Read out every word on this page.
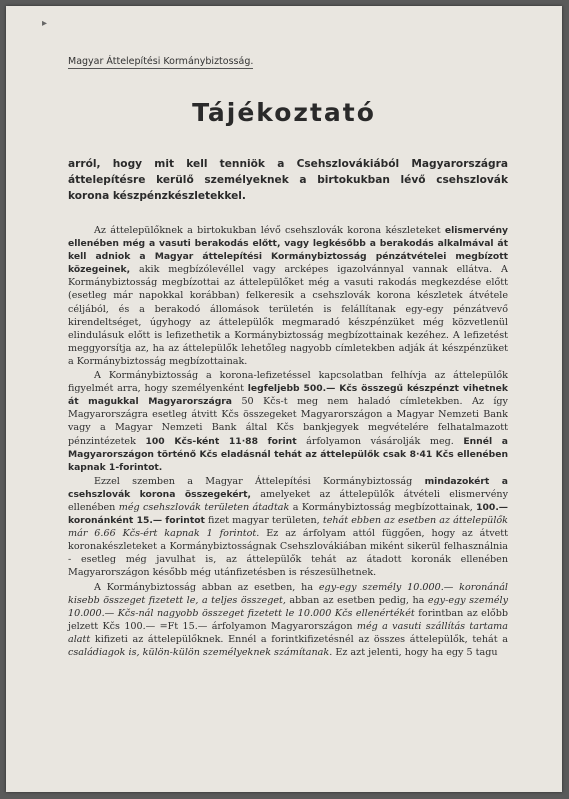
▸
Magyar Áttelepítési Kormánybiztosság.
Tájékoztató
arról, hogy mit kell tenniök a Csehszlovákiából Magyarországra áttelepítésre kerülő személyeknek a birtokukban lévő csehszlovák korona készpénzkészletekkel.

Az áttelepülőknek a birtokukban lévő csehszlovák korona készleteket elismervény ellenében még a vasuti berakodás előtt, vagy legkésőbb a berakodás alkalmával át kell adniok a Magyar áttelepítési Kormánybiztosság pénzátvételei megbízott közegeinek, akik megbízólevéllel vagy arcképes igazolvánnyal vannak ellátva. A Kormánybiztosság megbízottai az áttelepülőket még a vasuti rakodás megkezdése előtt (esetleg már napokkal korábban) felkeresik a csehszlovák korona készletek átvétele céljából, és a berakodó állomások területén is felállítanak egy-egy pénzátvevő kirendeltséget, úgyhogy az áttelepülők megmaradó készpénzüket még közvetlenül elindulásuk előtt is lefizethetik a Kormánybiztosság megbízottainak kezéhez. A lefizetést meggyorsítja az, ha az áttelepülők lehetőleg nagyobb címletekben adják át készpénzüket a Kormánybiztosság megbízottainak.

A Kormánybiztosság a korona-lefizetéssel kapcsolatban felhívja az áttelepülők figyelmét arra, hogy személyenként legfeljebb 500.— Kčs összegű készpénzt vihetnek át magukkal Magyarországra 50 Kčs-t meg nem haladó címletekben. Az így Magyarországra esetleg átvitt Kčs összegeket Magyarországon a Magyar Nemzeti Bank vagy a Magyar Nemzeti Bank által Kčs bankjegyek megvételére felhatalmazott pénzintézetek 100 Kčs-ként 11·88 forint árfolyamon vásárolják meg. Ennél a Magyarországon történő Kčs eladásnál tehát az áttelepülők csak 8·41 Kčs ellenében kapnak 1-forintot.

Ezzel szemben a Magyar Áttelepítési Kormánybiztosság mindazokért a csehszlovák korona összegekért, amelyeket az áttelepülők átvételi elismervény ellenében még csehszlovák területen átadtak a Kormánybiztosság megbízottainak, 100.— koronánként 15.— forintot fizet magyar területen, tehát ebben az esetben az áttelepülők már 6.66 Kčs-ért kapnak 1 forintot. Ez az árfolyam attól függően, hogy az átvett koronakészleteket a Kormánybiztosságnak Csehszlovákiában miként sikerül felhasználnia - esetleg még javulhat is, az áttelepülők tehát az átadott koronák ellenében Magyarországon később még utánfizetésben is részesülhetnek.

A Kormánybiztosság abban az esetben, ha egy-egy személy 10.000.— koronánál kisebb összeget fizetett le, a teljes összeget, abban az esetben pedig, ha egy-egy személy 10.000.— Kčs-nál nagyobb összeget fizetett le 10.000 Kčs ellenértékét forintban az előbb jelzett Kčs 100.— =Ft 15.— árfolyamon Magyarországon még a vasuti szállítás tartama alatt kifizeti az áttelepülőknek. Ennél a forintkifizetésnél az összes áttelepülők, tehát a családiagok is, külön-külön személyeknek számítanak. Ez azt jelenti, hogy ha egy 5 tagu
